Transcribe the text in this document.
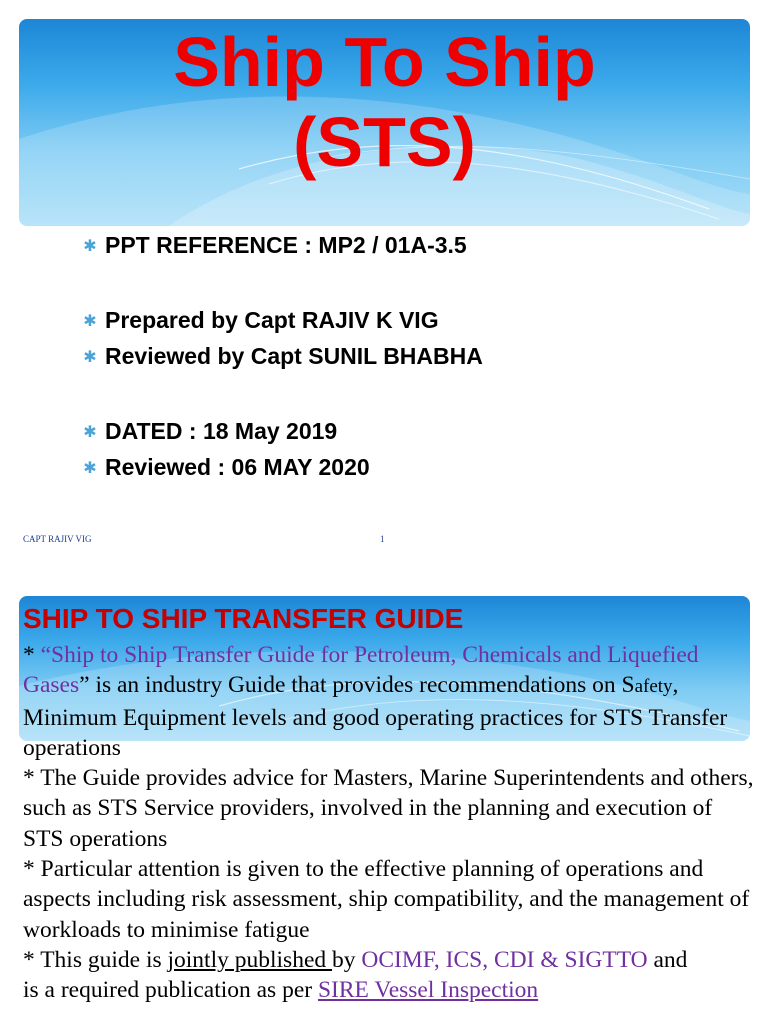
Ship To Ship
(STS)
✱ PPT REFERENCE : MP2 / 01A-3.5
✱ Prepared by Capt RAJIV K VIG
✱ Reviewed by Capt SUNIL BHABHA
✱ DATED : 18 May 2019
✱ Reviewed : 06 MAY 2020
CAPT RAJIV VIG	1
SHIP TO SHIP TRANSFER GUIDE
* “Ship to Ship Transfer Guide for Petroleum, Chemicals and Liquefied Gases” is an industry Guide that provides recommendations on Safety, Minimum Equipment levels and good operating practices for STS Transfer operations
* The Guide provides advice for Masters, Marine Superintendents and others, such as STS Service providers, involved in the planning and execution of STS operations
* Particular attention is given to the effective planning of operations and aspects including risk assessment, ship compatibility, and the management of workloads to minimise fatigue
* This guide is jointly published by OCIMF, ICS, CDI & SIGTTO and
is a required publication as per SIRE Vessel Inspection
